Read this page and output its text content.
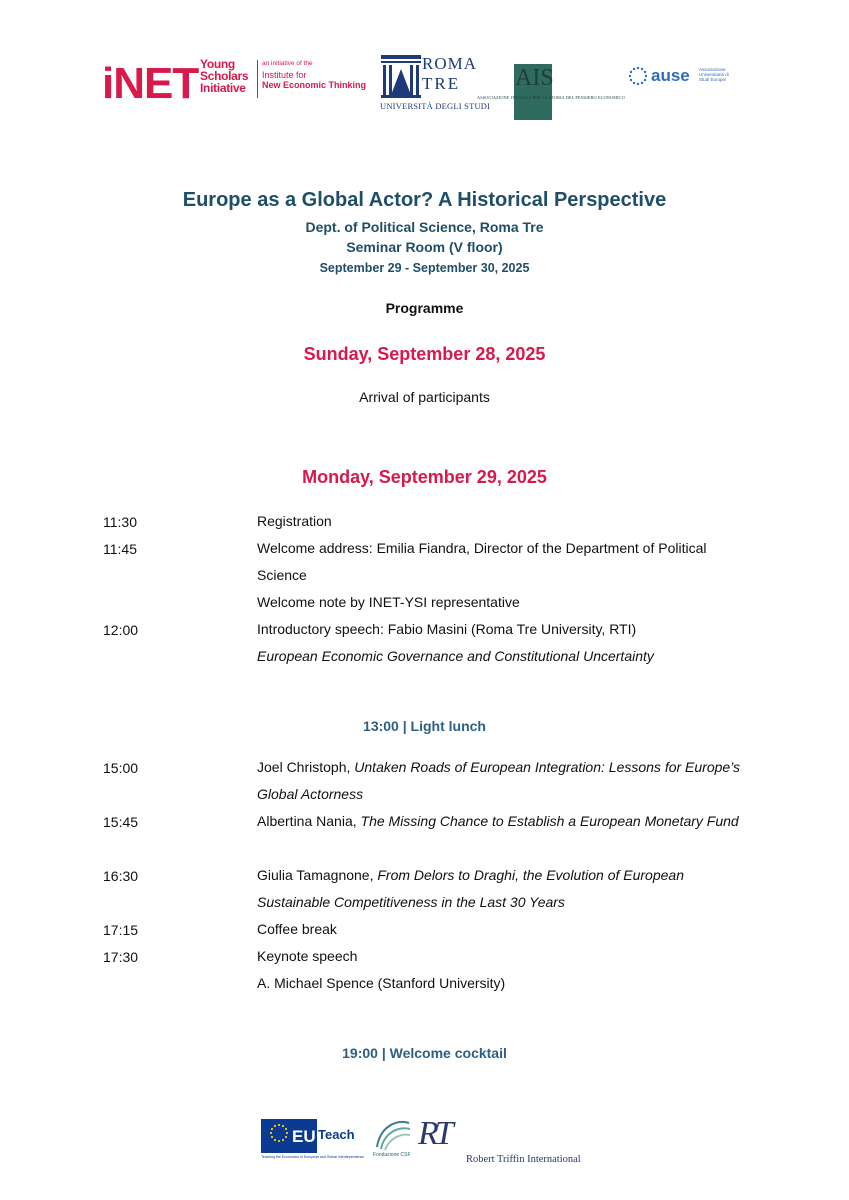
iNET Young Scholars Initiative
an initiative of the
Institute for
New Economic Thinking
ROMA
TRE
UNIVERSITÀ DEGLI STUDI
AISPE
ASSOCIAZIONE ITALIANA PER LA STORIA DEL PENSIERO ECONOMICO
ause Associazione Universitaria di Studi Europei
Europe as a Global Actor? A Historical Perspective
Dept. of Political Science, Roma Tre
Seminar Room (V floor)
September 29 - September 30, 2025
Programme
Sunday, September 28, 2025
Arrival of participants
Monday, September 29, 2025
11:30	Registration
11:45	Welcome address: Emilia Fiandra, Director of the Department of Political Science
Welcome note by INET-YSI representative
12:00	Introductory speech: Fabio Masini (Roma Tre University, RTI)
European Economic Governance and Constitutional Uncertainty
13:00 | Light lunch
15:00	Joel Christoph, Untaken Roads of European Integration: Lessons for Europe’s Global Actorness
15:45	Albertina Nania, The Missing Chance to Establish a European Monetary Fund
16:30	Giulia Tamagnone, From Delors to Draghi, the Evolution of European Sustainable Competitiveness in the Last 30 Years
17:15	Coffee break
17:30	Keynote speech
A. Michael Spence (Stanford University)
19:00 | Welcome cocktail
EU Teach
Teaching the Economics of European and Global Interdependence Fondazione CSF
RT
Robert Triffin International
